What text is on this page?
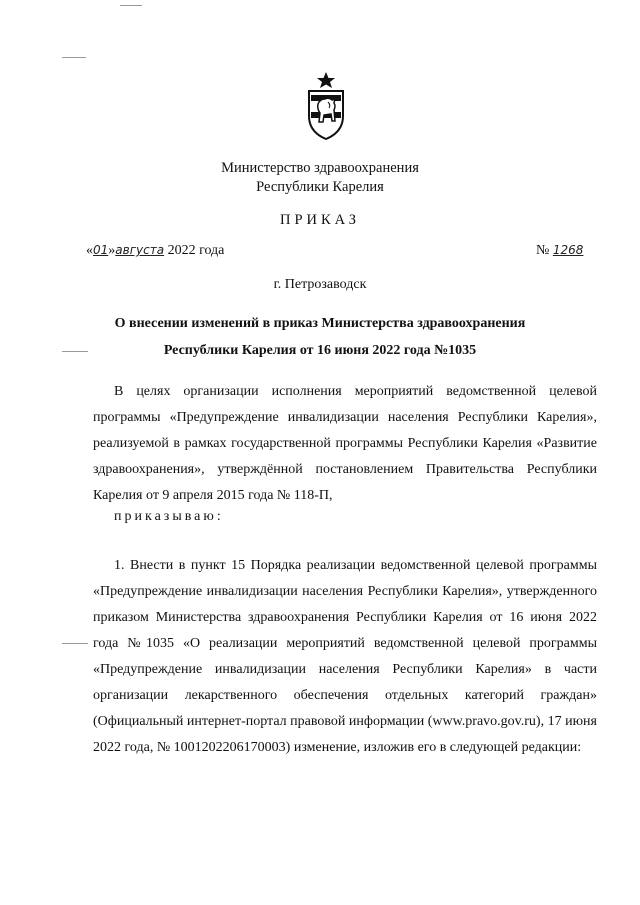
Министерство здравоохранения
Республики Карелия
ПРИКАЗ
«01»августа 2022 года	№ 1268
г. Петрозаводск
О внесении изменений в приказ Министерства здравоохранения
Республики Карелия от 16 июня 2022 года №1035

В целях организации исполнения мероприятий ведомственной целевой программы «Предупреждение инвалидизации населения Республики Карелия», реализуемой в рамках государственной программы Республики Карелия «Развитие здравоохранения», утверждённой постановлением Правительства Республики Карелия от 9 апреля 2015 года № 118-П,

приказываю:

1. Внести в пункт 15 Порядка реализации ведомственной целевой программы «Предупреждение инвалидизации населения Республики Карелия», утвержденного приказом Министерства здравоохранения Республики Карелия от 16 июня 2022 года №1035 «О реализации мероприятий ведомственной целевой программы «Предупреждение инвалидизации населения Республики Карелия» в части организации лекарственного обеспечения отдельных категорий граждан» (Официальный интернет-портал правовой информации (www.pravo.gov.ru), 17 июня 2022 года, № 1001202206170003) изменение, изложив его в следующей редакции:
